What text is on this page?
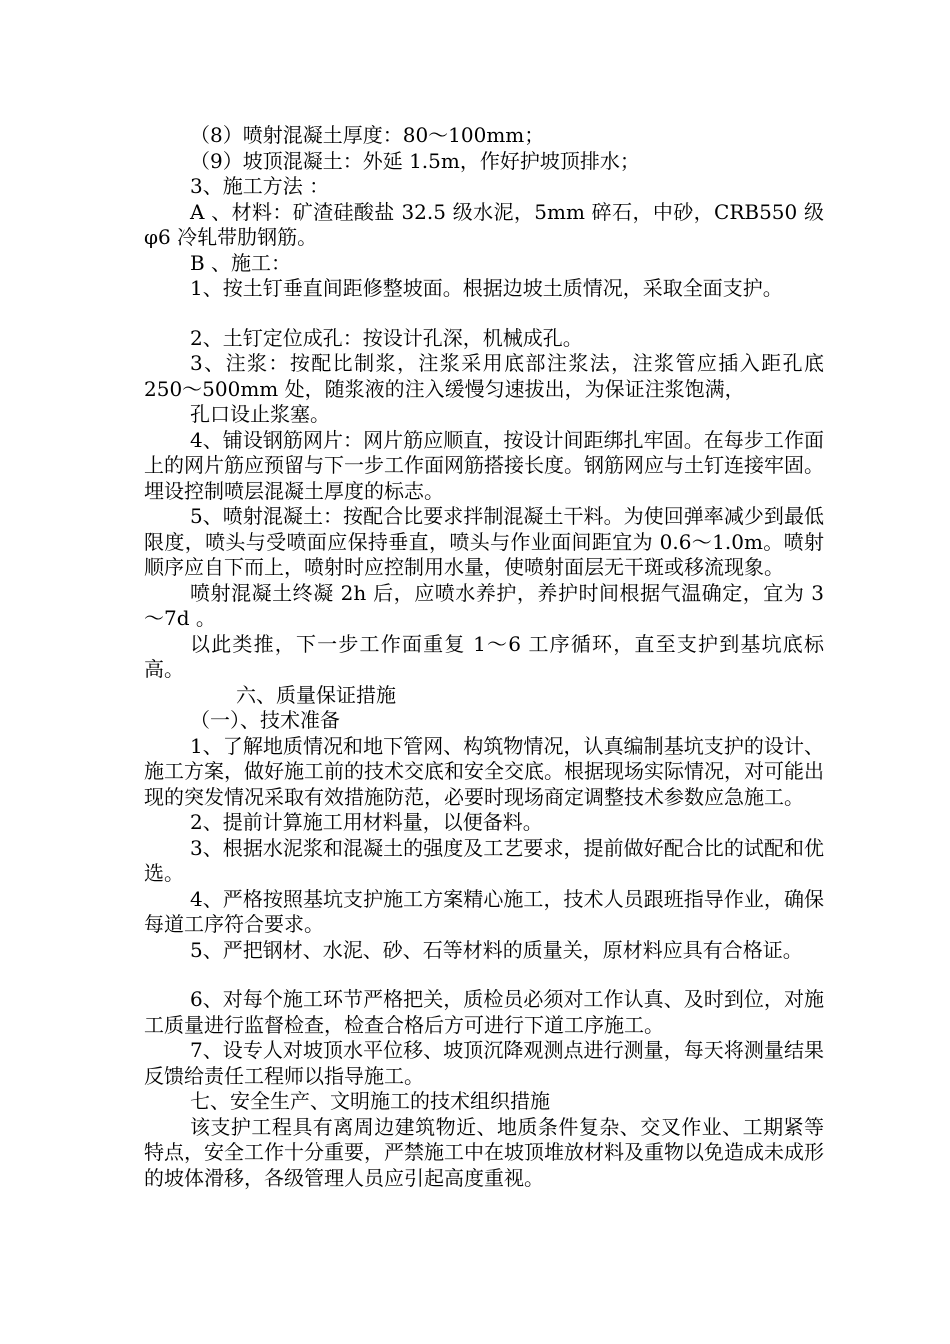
（8）喷射混凝土厚度：80～100mm；

（9）坡顶混凝土：外延 1.5m，作好护坡顶排水；

3、施工方法 ：

A 、材料：矿渣硅酸盐 32.5 级水泥，5mm 碎石，中砂，CRB550 级φ6 冷轧带肋钢筋。

B 、施工：

1、按土钉垂直间距修整坡面。根据边坡土质情况，采取全面支护。

2、土钉定位成孔：按设计孔深，机械成孔。

3、注浆：按配比制浆，注浆采用底部注浆法，注浆管应插入距孔底 250～500mm 处，随浆液的注入缓慢匀速拔出，为保证注浆饱满，

孔口设止浆塞。

4、铺设钢筋网片：网片筋应顺直，按设计间距绑扎牢固。在每步工作面上的网片筋应预留与下一步工作面网筋搭接长度。钢筋网应与土钉连接牢固。埋设控制喷层混凝土厚度的标志。

5、喷射混凝土：按配合比要求拌制混凝土干料。为使回弹率减少到最低限度，喷头与受喷面应保持垂直，喷头与作业面间距宜为 0.6～1.0m。喷射顺序应自下而上，喷射时应控制用水量，使喷射面层无干斑或移流现象。

喷射混凝土终凝 2h 后，应喷水养护，养护时间根据气温确定，宜为 3～7d 。

以此类推，下一步工作面重复 1～6 工序循环，直至支护到基坑底标高。

六、质量保证措施

（一）、技术准备

1、了解地质情况和地下管网、构筑物情况，认真编制基坑支护的设计、施工方案，做好施工前的技术交底和安全交底。根据现场实际情况，对可能出现的突发情况采取有效措施防范，必要时现场商定调整技术参数应急施工。

2、提前计算施工用材料量，以便备料。

3、根据水泥浆和混凝土的强度及工艺要求，提前做好配合比的试配和优选。

4、严格按照基坑支护施工方案精心施工，技术人员跟班指导作业，确保每道工序符合要求。

5、严把钢材、水泥、砂、石等材料的质量关，原材料应具有合格证。

6、对每个施工环节严格把关，质检员必须对工作认真、及时到位，对施工质量进行监督检查，检查合格后方可进行下道工序施工。

7、设专人对坡顶水平位移、坡顶沉降观测点进行测量，每天将测量结果反馈给责任工程师以指导施工。

七、安全生产、文明施工的技术组织措施

该支护工程具有离周边建筑物近、地质条件复杂、交叉作业、工期紧等特点，安全工作十分重要，严禁施工中在坡顶堆放材料及重物以免造成未成形的坡体滑移，各级管理人员应引起高度重视。
